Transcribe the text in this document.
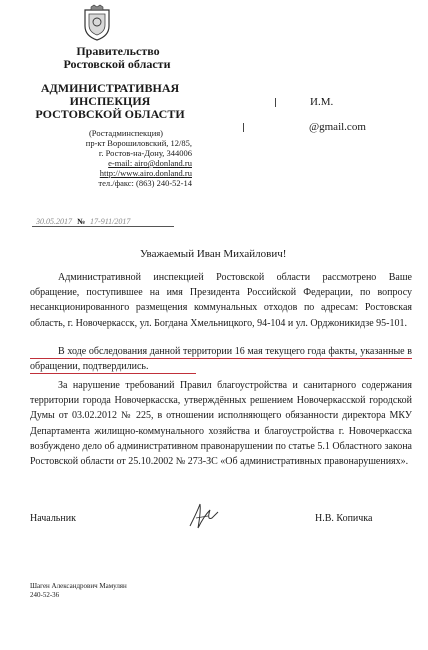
Правительство
Ростовской области
АДМИНИСТРАТИВНАЯ
ИНСПЕКЦИЯ
РОСТОВСКОЙ ОБЛАСТИ
(Ростадминспекция)
пр-кт Ворошиловский, 12/85,
г. Ростов-на-Дону, 344006
e-mail: airo@donland.ru
http://www.airo.donland.ru
тел./факс: (863) 240-52-14
30.05.2017 № 17-911/2017
И.М.
@gmail.com
Уважаемый Иван Михайлович!
Административной инспекцией Ростовской области рассмотрено Ваше обращение, поступившее на имя Президента Российской Федерации, по вопросу несанкционированного размещения коммунальных отходов по адресам: Ростовская область, г. Новочеркасск, ул. Богдана Хмельницкого, 94-104 и ул. Орджоникидзе 95-101.
В ходе обследования данной территории 16 мая текущего года факты, указанные в обращении, подтвердились.
За нарушение требований Правил благоустройства и санитарного содержания территории города Новочеркасска, утверждённых решением Новочеркасской городской Думы от 03.02.2012 № 225, в отношении исполняющего обязанности директора МКУ Департамента жилищно-коммунального хозяйства и благоустройства г. Новочеркасска возбуждено дело об административном правонарушении по статье 5.1 Областного закона Ростовской области от 25.10.2002 № 273-ЗС «Об административных правонарушениях».
Начальник	Н.В. Копичка
Шаген Александрович Мамулян
240-52-36
